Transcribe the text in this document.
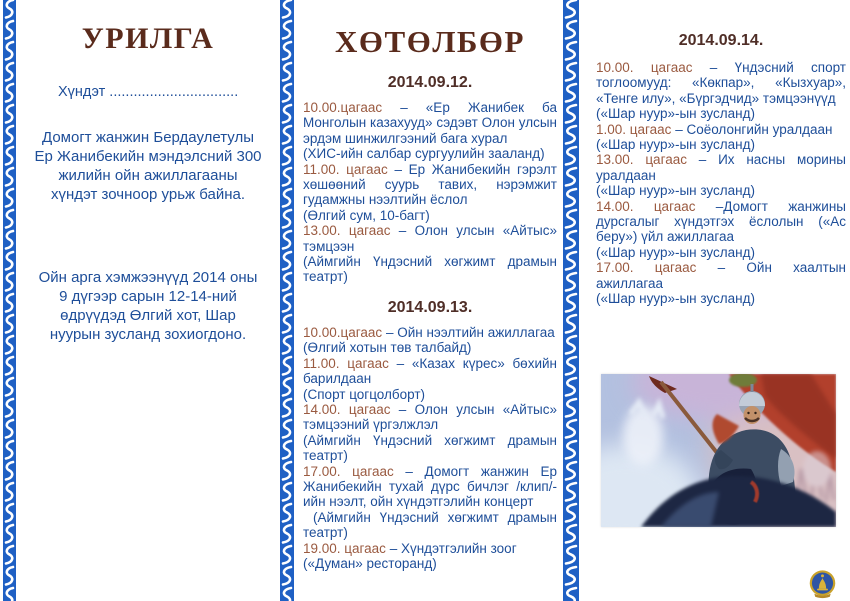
УРИЛГА
Хүндэт ................................

Домогт жанжин Бердаулетулы Ер Жанибекийн мэндэлсний 300 жилийн ойн ажиллагааны хүндэт зочноор урьж байна.

Ойн арга хэмжээнүүд 2014 оны 9 дүгээр сарын 12-14-ний өдрүүдэд Өлгий хот, Шар нуурын зусланд зохиогдоно.

ХӨТӨЛБӨР
2014.09.12.

10.00.цагаас – «Ер Жанибек ба Монголын казахууд» сэдэвт Олон улсын эрдэм шинжилгээний бага хурал

(ХИС-ийн салбар сургуулийн зааланд)

11.00. цагаас – Ер Жанибекийн гэрэлт хөшөөний суурь тавих, нэрэмжит гудамжны нээлтийн ёслол

(Өлгий сум, 10-багт)

13.00. цагаас – Олон улсын «Айтыс» тэмцээн

(Аймгийн Үндэсний хөгжимт драмын театрт)

2014.09.13.

10.00.цагаас – Ойн нээлтийн ажиллагаа

(Өлгий хотын төв талбайд)

11.00. цагаас – «Казах күрес» бөхийн барилдаан

(Спорт цогцолборт)

14.00. цагаас – Олон улсын «Айтыс» тэмцээний үргэлжлэл

(Аймгийн Үндэсний хөгжимт драмын театрт)

17.00. цагаас – Домогт жанжин Ер Жанибекийн тухай дүрс бичлэг /клип/-ийн нээлт, ойн хүндэтгэлийн концерт

(Аймгийн Үндэсний хөгжимт драмын театрт)

19.00. цагаас – Хүндэтгэлийн зоог

(«Думан» ресторанд)

2014.09.14.

10.00. цагаас – Үндэсний спорт тоглоомууд: «Көкпар», «Кызхуар», «Тенге илу», «Бүргэдчид» тэмцээнүүд

(«Шар нуур»-ын зусланд)

1.00. цагаас – Соёолонгийн уралдаан

(«Шар нуур»-ын зусланд)

13.00. цагаас – Их насны морины уралдаан

(«Шар нуур»-ын зусланд)

14.00. цагаас –Домогт жанжины дурсгалыг хүндэтгэх ёслолын («Ас беру») үйл ажиллагаа

(«Шар нуур»-ын зусланд)

17.00. цагаас – Ойн хаалтын ажиллагаа

(«Шар нуур»-ын зусланд)
